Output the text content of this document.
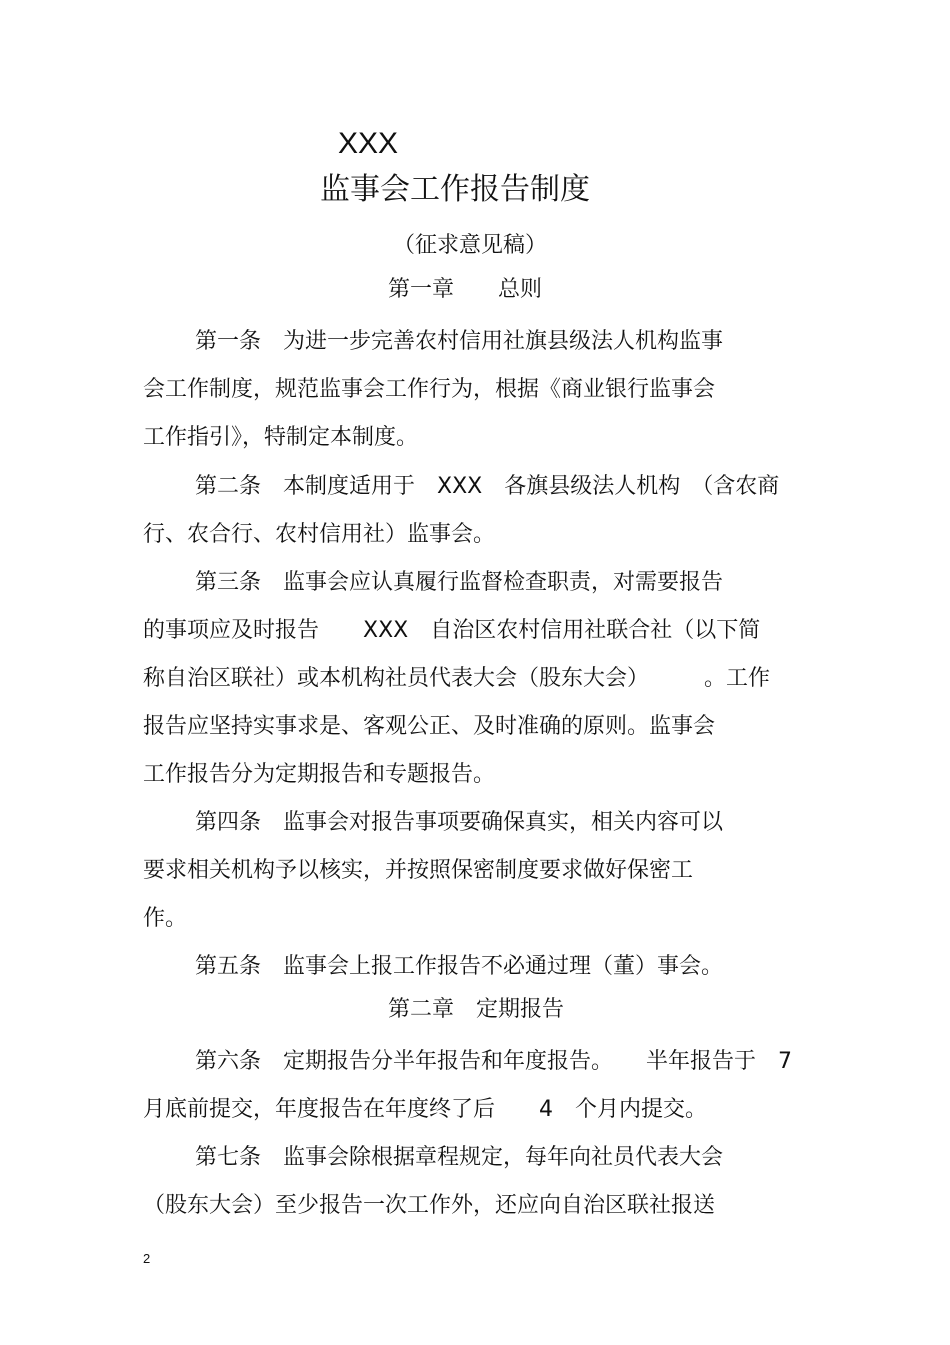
XXX
监事会工作报告制度
（征求意见稿）
第一章　　总则
第一条　为进一步完善农村信用社旗县级法人机构监事
会工作制度，规范监事会工作行为，根据《商业银行监事会
工作指引》，特制定本制度。
第二条　本制度适用于　XXX　各旗县级法人机构　（含农商
行、农合行、农村信用社）监事会。
第三条　监事会应认真履行监督检查职责，对需要报告
的事项应及时报告　　XXX　自治区农村信用社联合社（以下简
称自治区联社）或本机构社员代表大会（股东大会）　　　。工作
报告应坚持实事求是、客观公正、及时准确的原则。监事会
工作报告分为定期报告和专题报告。
第四条　监事会对报告事项要确保真实，相关内容可以
要求相关机构予以核实，并按照保密制度要求做好保密工
作。
第五条　监事会上报工作报告不必通过理（董）事会。
第二章　定期报告
第六条　定期报告分半年报告和年度报告。　　半年报告于　7
月底前提交，年度报告在年度终了后　　4　个月内提交。
第七条　监事会除根据章程规定，每年向社员代表大会
（股东大会）至少报告一次工作外，还应向自治区联社报送
2
